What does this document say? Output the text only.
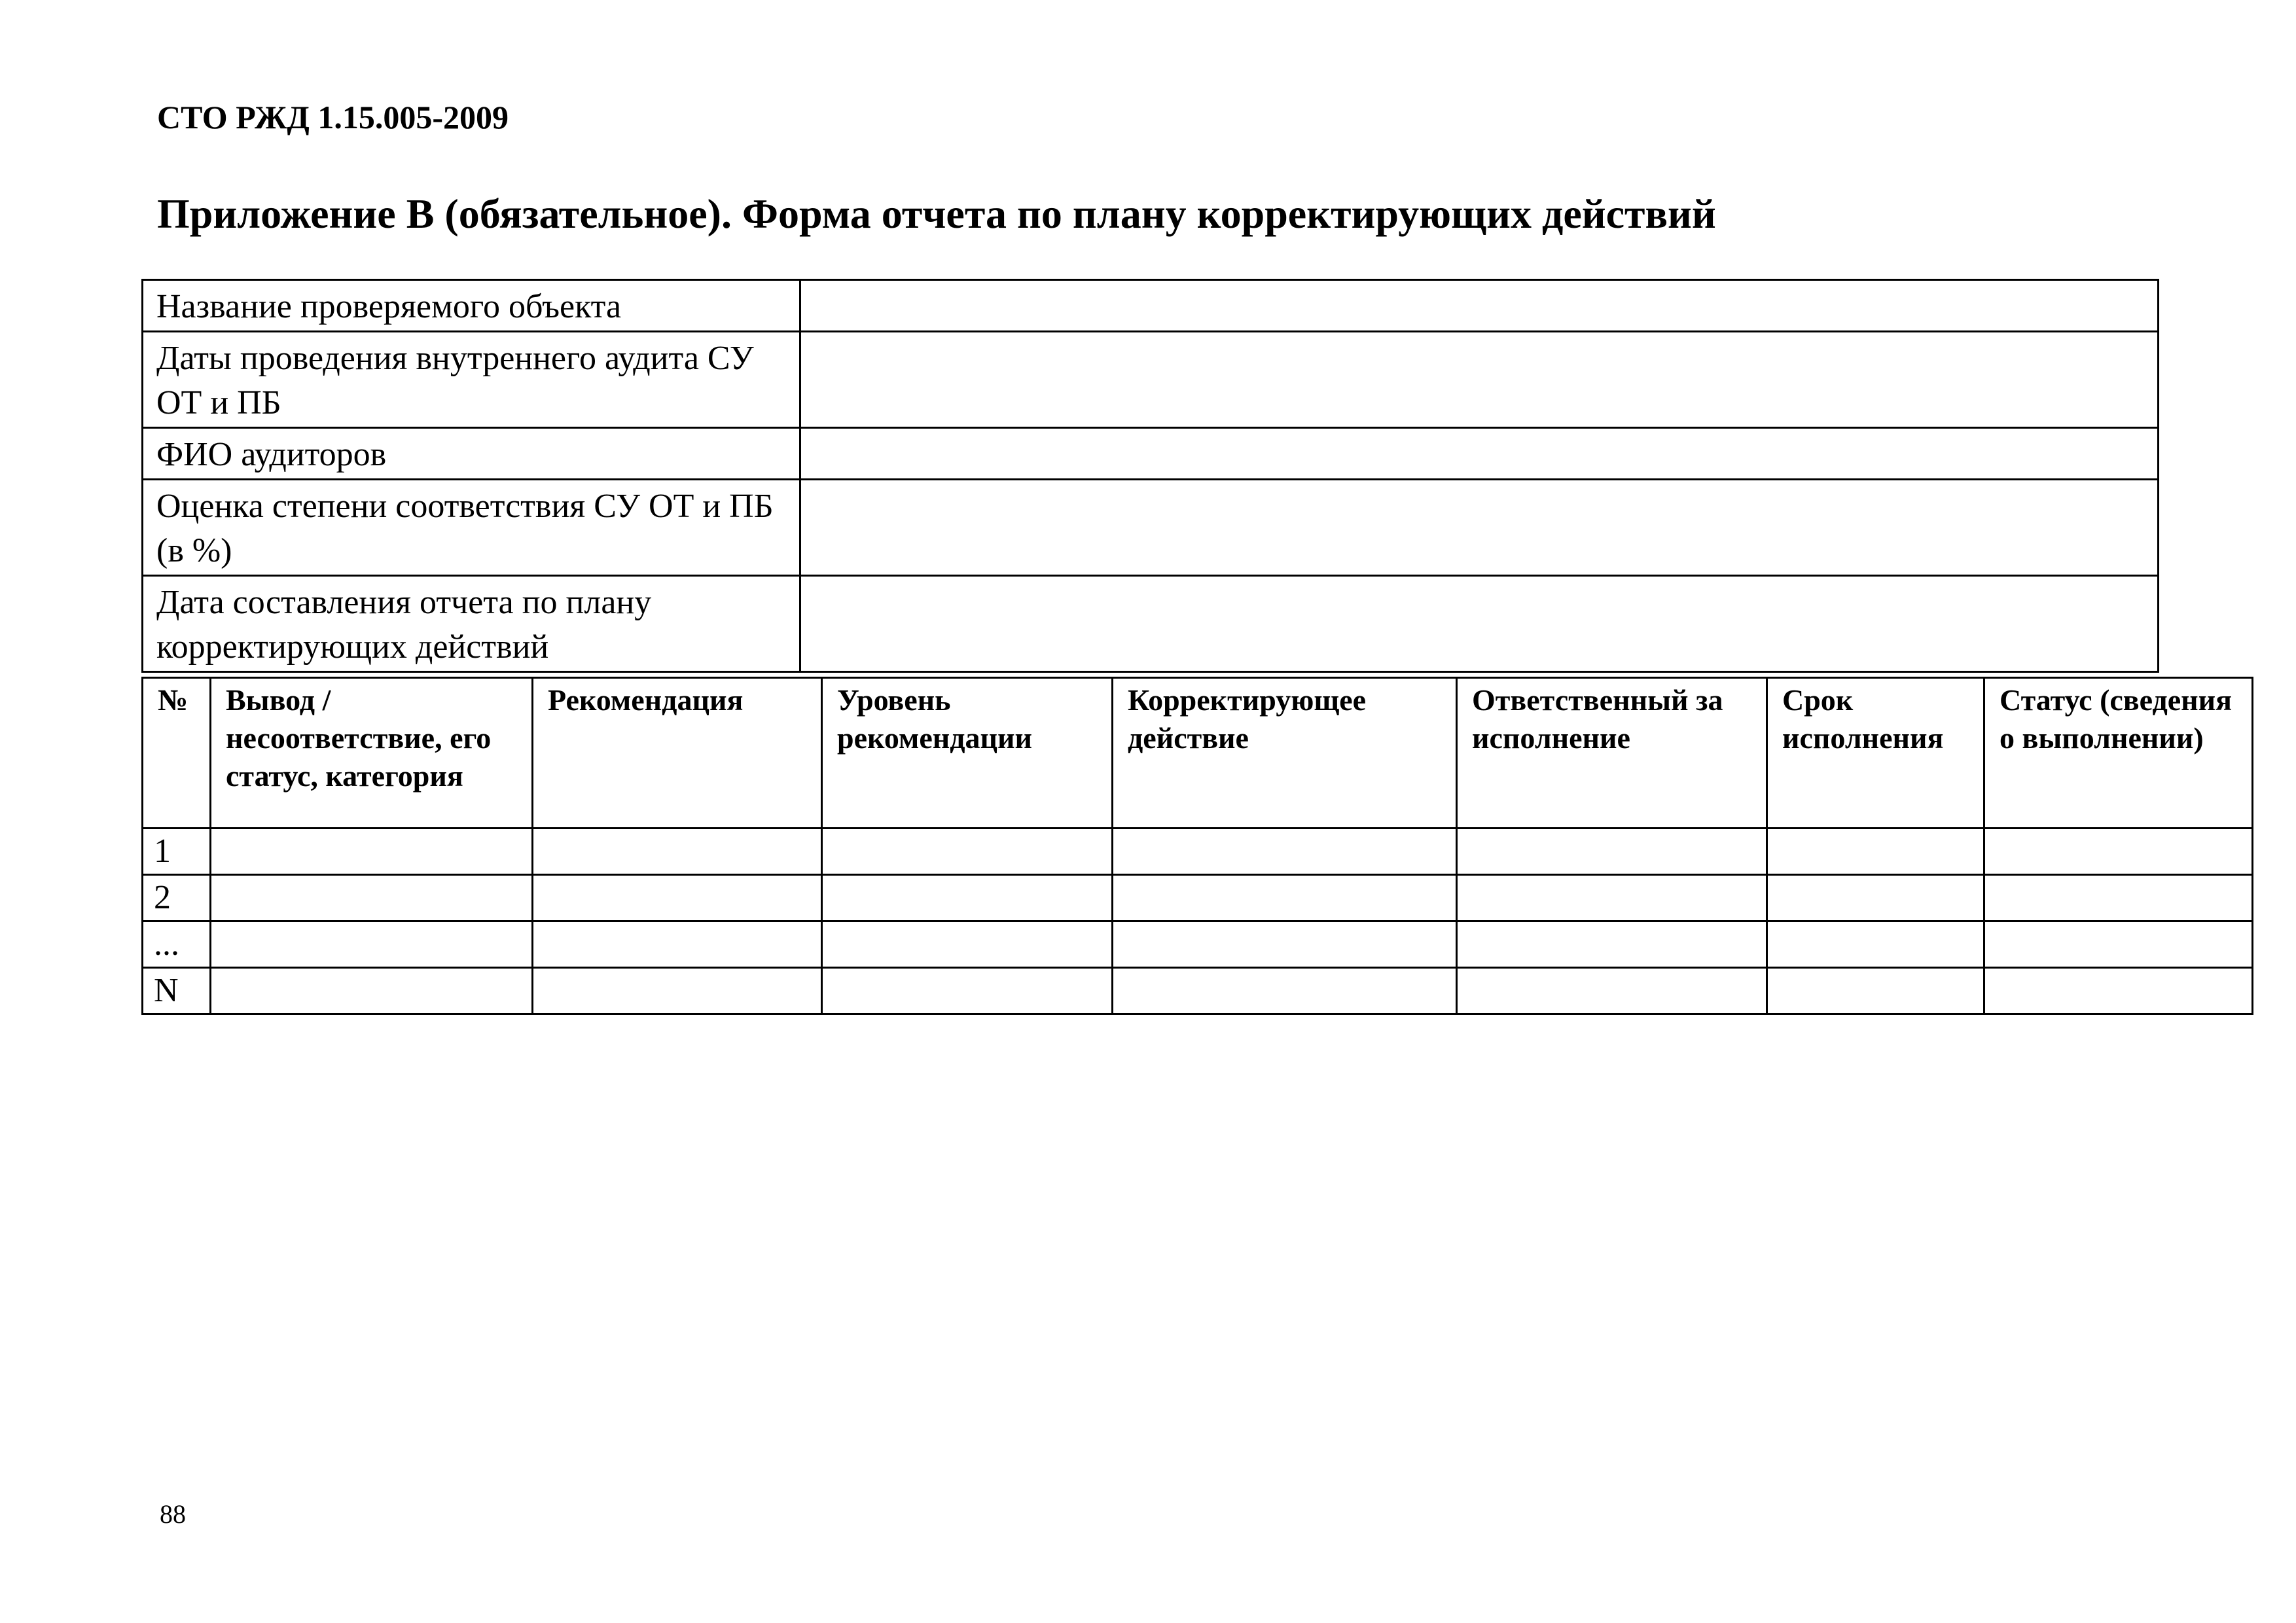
СТО РЖД 1.15.005-2009
Приложение В (обязательное). Форма отчета по плану корректирующих действий
Название проверяемого объекта	
Даты проведения внутреннего аудита СУ ОТ и ПБ	
ФИО аудиторов	
Оценка степени соответствия СУ ОТ и ПБ (в %)	
Дата составления отчета по плану корректирующих действий	
№	Вывод /несоответствие, его статус, категория	Рекомендация	Уровень рекомендации	Корректирующее действие	Ответственный за исполнение	Срок исполнения	Статус (сведения о выполнении)
1							
2							
...							
N							
88
